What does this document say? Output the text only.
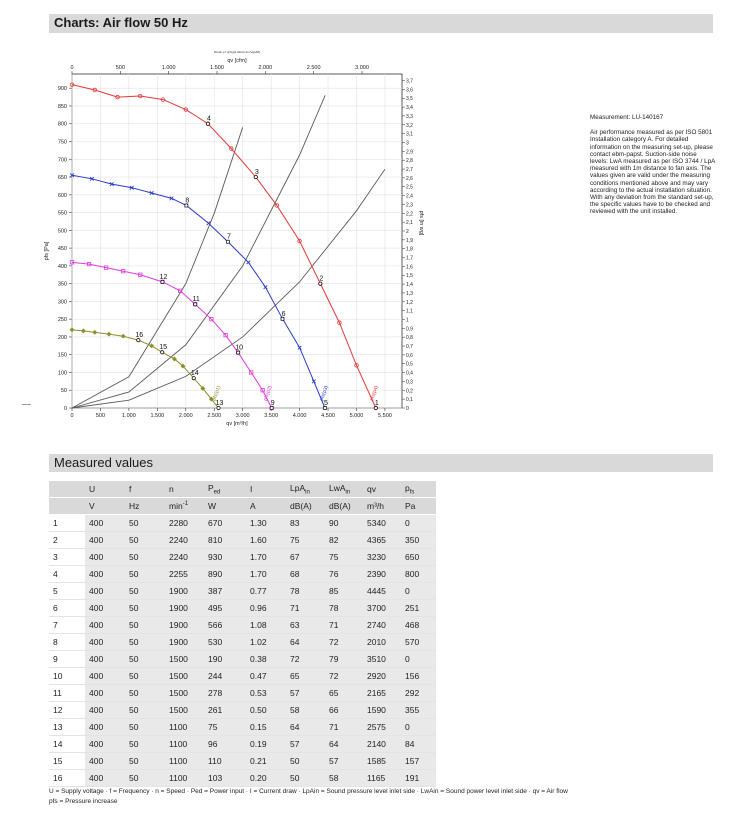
Charts: Air flow 50 Hz
0
50
100
150
200
250
300
350
400
450
500
550
600
650
700
750
800
850
900
0	500	1.000	1.500	2.000	2.500	3.000	3.500	4.000	4.500	5.000	5.500
0	500	1.000	1.500	2.000	2.500	3.000
0
0,1
0,2
0,3
0,4
0,5
0,6
0,7
0,8
0,9
1
1,1
1,2
1,3
1,4
1,5
1,6
1,7
1,8
1,9
2
2,1
2,2
2,3
2,4
2,5
2,6
2,7
2,8
2,9
3
3,1
3,2
3,3
3,4
3,5
3,6
3,7
qv [m³/h]
qv [cfm]
Druck p f gf Kgfs Gfe/t (Ju (Vgs/M)
pfs [Pa]
pfs [in wg]
pfs(p4)
pfs(p3)
pfs(p2)
pfs(p1)
1
2
3
4
5
6
7
8
9
10
11
12
13
14
15
16
Measurement: LU-140167
Air performance measured as per ISO 5801 Installation category A. For detailed information on the measuring set-up, please contact ebm-papst. Suction-side noise levels: LwA measured as per ISO 3744 / LpA measured with 1m distance to fan axis. The values given are valid under the measuring conditions mentioned above and may vary according to the actual installation situation. With any deviation from the standard set-up, the specific values have to be checked and reviewed with the unit installed.
Measured values
	U	f	n	$P_{ed}$	I	LpA$_{in}$	LwA$_{in}$	qv	$p_{fs}$
	V	Hz	$\min^{-1}$	W	A	dB(A)	dB(A)	m³/h	Pa
1	400	50	2280	670	1.30	83	90	5340	0
2	400	50	2240	810	1.60	75	82	4365	350
3	400	50	2240	930	1.70	67	75	3230	650
4	400	50	2255	890	1.70	68	76	2390	800
5	400	50	1900	387	0.77	78	85	4445	0
6	400	50	1900	495	0.96	71	78	3700	251
7	400	50	1900	566	1.08	63	71	2740	468
8	400	50	1900	530	1.02	64	72	2010	570
9	400	50	1500	190	0.38	72	79	3510	0
10	400	50	1500	244	0.47	65	72	2920	156
11	400	50	1500	278	0.53	57	65	2165	292
12	400	50	1500	261	0.50	58	66	1590	355
13	400	50	1100	75	0.15	64	71	2575	0
14	400	50	1100	96	0.19	57	64	2140	84
15	400	50	1100	110	0.21	50	57	1585	157
16	400	50	1100	103	0.20	50	58	1165	191
U = Supply voltage · f = Frequency · n = Speed · Ped = Power input · I = Current draw · LpAin = Sound pressure level inlet side · LwAin = Sound power level inlet side · qv = Air flow
pfs = Pressure increase
